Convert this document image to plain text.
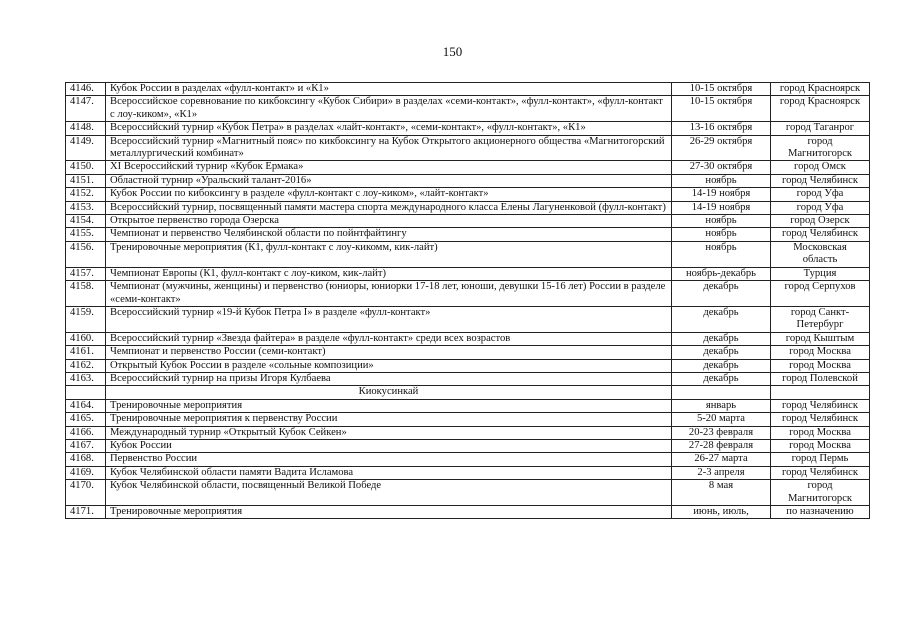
150
4146.	Кубок России в разделах «фулл-контакт» и «К1»	10-15 октября	город Красноярск
4147.	Всероссийское соревнование по кикбоксингу «Кубок Сибири» в разделах «семи-контакт», «фулл-контакт», «фулл-контакт с лоу-киком», «К1»	10-15 октября	город Красноярск
4148.	Всероссийский турнир «Кубок Петра» в разделах «лайт-контакт», «семи-контакт», «фулл-контакт», «К1»	13-16 октября	город Таганрог
4149.	Всероссийский турнир «Магнитный пояс» по кикбоксингу на Кубок Открытого акционерного общества «Магнитогорский металлургический комбинат»	26-29 октября	город Магнитогорск
4150.	XI Всероссийский турнир «Кубок Ермака»	27-30 октября	город Омск
4151.	Областной турнир «Уральский талант-2016»	ноябрь	город Челябинск
4152.	Кубок России по кибоксингу в разделе «фулл-контакт с лоу-киком», «лайт-контакт»	14-19 ноября	город Уфа
4153.	Всероссийский турнир, посвященный памяти мастера спорта международного класса Елены Лагуненковой (фулл-контакт)	14-19 ноября	город Уфа
4154.	Открытое первенство города Озерска	ноябрь	город Озерск
4155.	Чемпионат и первенство Челябинской области по пойнтфайтингу	ноябрь	город Челябинск
4156.	Тренировочные мероприятия (К1, фулл-контакт с лоу-кикомм, кик-лайт)	ноябрь	Московская область
4157.	Чемпионат Европы (К1, фулл-контакт с лоу-киком, кик-лайт)	ноябрь-декабрь	Турция
4158.	Чемпионат (мужчины, женщины) и первенство (юниоры, юниорки 17-18 лет, юноши, девушки 15-16 лет) России в разделе «семи-контакт»	декабрь	город Серпухов
4159.	Всероссийский турнир «19-й Кубок Петра I» в разделе «фулл-контакт»	декабрь	город Санкт-Петербург
4160.	Всероссийский турнир «Звезда файтера» в разделе «фулл-контакт» среди всех возрастов	декабрь	город Кыштым
4161.	Чемпионат и первенство России (семи-контакт)	декабрь	город Москва
4162.	Открытый Кубок России в разделе «сольные композиции»	декабрь	город Москва
4163.	Всероссийский турнир на призы Игоря Кулбаева	декабрь	город Полевской
	Киокусинкай		
4164.	Тренировочные мероприятия	январь	город Челябинск
4165.	Тренировочные мероприятия к первенству России	5-20 марта	город Челябинск
4166.	Международный турнир «Открытый Кубок Сейкен»	20-23 февраля	город Москва
4167.	Кубок России	27-28 февраля	город Москва
4168.	Первенство России	26-27 марта	город Пермь
4169.	Кубок Челябинской области памяти Вадита Исламова	2-3 апреля	город Челябинск
4170.	Кубок Челябинской области, посвященный Великой Победе	8 мая	город Магнитогорск
4171.	Тренировочные мероприятия	июнь, июль,	по назначению
